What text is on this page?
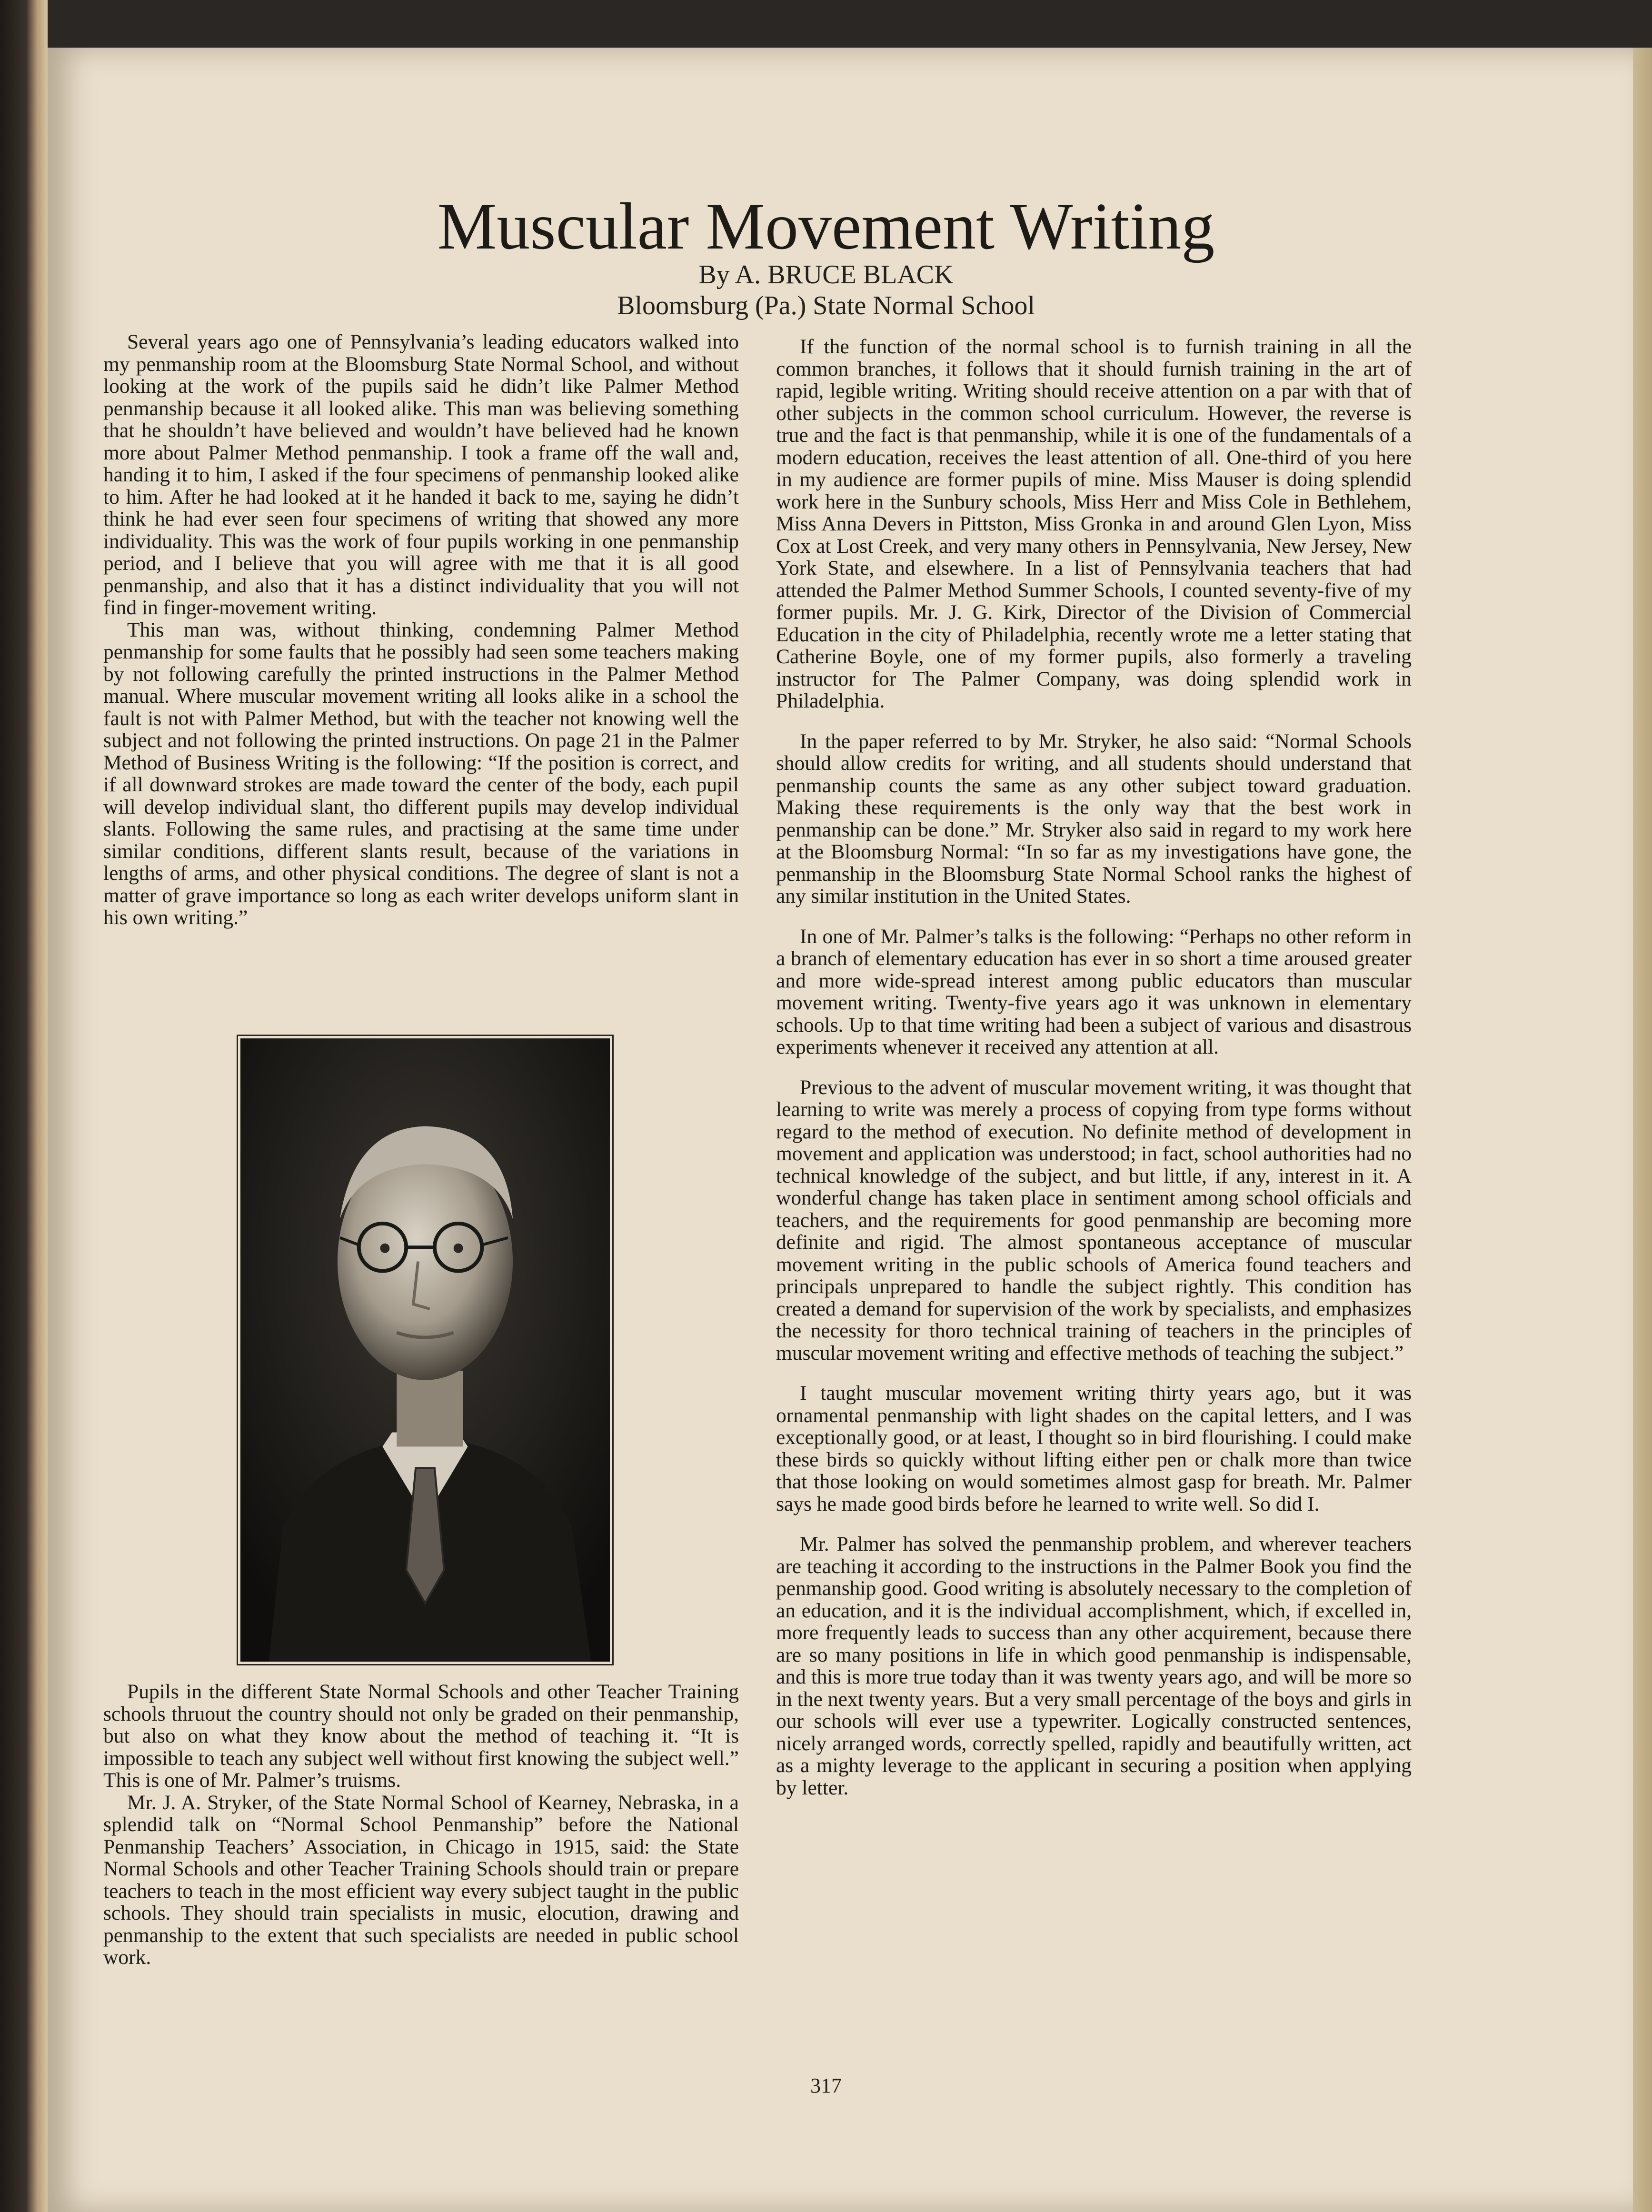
Muscular Movement Writing
By A. BRUCE BLACK
Bloomsburg (Pa.) State Normal School

Several years ago one of Pennsylvania’s leading educators walked into my penmanship room at the Bloomsburg State Normal School, and without looking at the work of the pupils said he didn’t like Palmer Method penmanship because it all looked alike. This man was believing something that he shouldn’t have believed and wouldn’t have believed had he known more about Palmer Method penmanship. I took a frame off the wall and, handing it to him, I asked if the four specimens of penmanship looked alike to him. After he had looked at it he handed it back to me, saying he didn’t think he had ever seen four specimens of writing that showed any more individuality. This was the work of four pupils working in one penmanship period, and I believe that you will agree with me that it is all good penmanship, and also that it has a distinct individuality that you will not find in finger-movement writing.

This man was, without thinking, condemning Palmer Method penmanship for some faults that he possibly had seen some teachers making by not following carefully the printed instructions in the Palmer Method manual. Where muscular movement writing all looks alike in a school the fault is not with Palmer Method, but with the teacher not knowing well the subject and not following the printed instructions. On page 21 in the Palmer Method of Business Writing is the following: “If the position is correct, and if all downward strokes are made toward the center of the body, each pupil will develop individual slant, tho different pupils may develop individual slants. Following the same rules, and practising at the same time under similar conditions, different slants result, because of the variations in lengths of arms, and other physical conditions. The degree of slant is not a matter of grave importance so long as each writer develops uniform slant in his own writing.”

Pupils in the different State Normal Schools and other Teacher Training schools thruout the country should not only be graded on their penmanship, but also on what they know about the method of teaching it. “It is impossible to teach any subject well without first knowing the subject well.” This is one of Mr. Palmer’s truisms.

Mr. J. A. Stryker, of the State Normal School of Kearney, Nebraska, in a splendid talk on “Normal School Penmanship” before the National Penmanship Teachers’ Association, in Chicago in 1915, said: the State Normal Schools and other Teacher Training Schools should train or prepare teachers to teach in the most efficient way every subject taught in the public schools. They should train specialists in music, elocution, drawing and penmanship to the extent that such specialists are needed in public school work.

If the function of the normal school is to furnish training in all the common branches, it follows that it should furnish training in the art of rapid, legible writing. Writing should receive attention on a par with that of other subjects in the common school curriculum. However, the reverse is true and the fact is that penmanship, while it is one of the fundamentals of a modern education, receives the least attention of all. One-third of you here in my audience are former pupils of mine. Miss Mauser is doing splendid work here in the Sunbury schools, Miss Herr and Miss Cole in Bethlehem, Miss Anna Devers in Pittston, Miss Gronka in and around Glen Lyon, Miss Cox at Lost Creek, and very many others in Pennsylvania, New Jersey, New York State, and elsewhere. In a list of Pennsylvania teachers that had attended the Palmer Method Summer Schools, I counted seventy-five of my former pupils. Mr. J. G. Kirk, Director of the Division of Commercial Education in the city of Philadelphia, recently wrote me a letter stating that Catherine Boyle, one of my former pupils, also formerly a traveling instructor for The Palmer Company, was doing splendid work in Philadelphia.

In the paper referred to by Mr. Stryker, he also said: “Normal Schools should allow credits for writing, and all students should understand that penmanship counts the same as any other subject toward graduation. Making these requirements is the only way that the best work in penmanship can be done.” Mr. Stryker also said in regard to my work here at the Bloomsburg Normal: “In so far as my investigations have gone, the penmanship in the Bloomsburg State Normal School ranks the highest of any similar institution in the United States.

In one of Mr. Palmer’s talks is the following: “Perhaps no other reform in a branch of elementary education has ever in so short a time aroused greater and more wide-spread interest among public educators than muscular movement writing. Twenty-five years ago it was unknown in elementary schools. Up to that time writing had been a subject of various and disastrous experiments whenever it received any attention at all.

Previous to the advent of muscular movement writing, it was thought that learning to write was merely a process of copying from type forms without regard to the method of execution. No definite method of development in movement and application was understood; in fact, school authorities had no technical knowledge of the subject, and but little, if any, interest in it. A wonderful change has taken place in sentiment among school officials and teachers, and the requirements for good penmanship are becoming more definite and rigid. The almost spontaneous acceptance of muscular movement writing in the public schools of America found teachers and principals unprepared to handle the subject rightly. This condition has created a demand for supervision of the work by specialists, and emphasizes the necessity for thoro technical training of teachers in the principles of muscular movement writing and effective methods of teaching the subject.”

I taught muscular movement writing thirty years ago, but it was ornamental penmanship with light shades on the capital letters, and I was exceptionally good, or at least, I thought so in bird flourishing. I could make these birds so quickly without lifting either pen or chalk more than twice that those looking on would sometimes almost gasp for breath. Mr. Palmer says he made good birds before he learned to write well. So did I.

Mr. Palmer has solved the penmanship problem, and wherever teachers are teaching it according to the instructions in the Palmer Book you find the penmanship good. Good writing is absolutely necessary to the completion of an education, and it is the individual accomplishment, which, if excelled in, more frequently leads to success than any other acquirement, because there are so many positions in life in which good penmanship is indispensable, and this is more true today than it was twenty years ago, and will be more so in the next twenty years. But a very small percentage of the boys and girls in our schools will ever use a typewriter. Logically constructed sentences, nicely arranged words, correctly spelled, rapidly and beautifully written, act as a mighty leverage to the applicant in securing a position when applying by letter.

317
